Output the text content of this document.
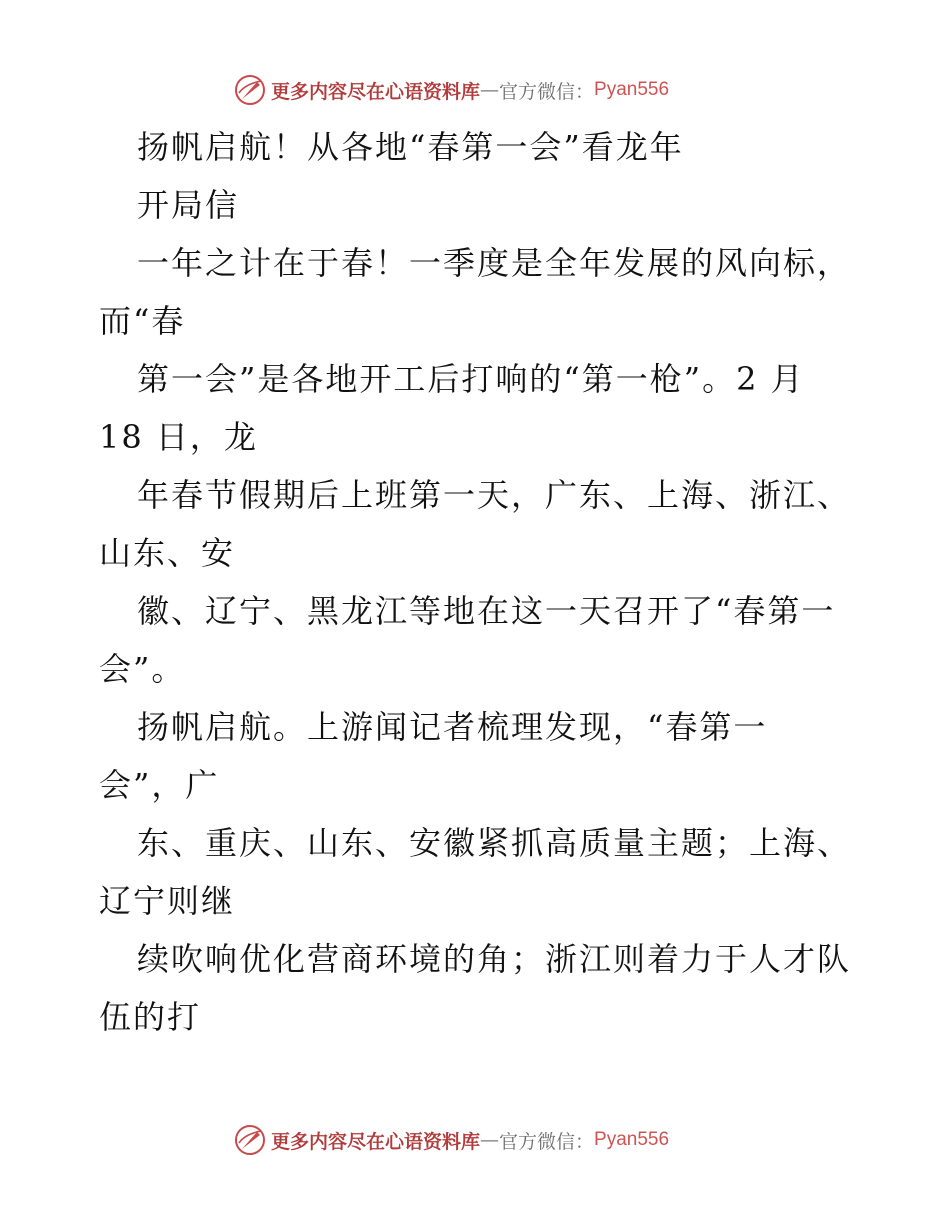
更多内容尽在心语资料库 — 官方微信： Pyan556
扬帆启航！从各地“春第一会”看龙年
开局信
一年之计在于春！一季度是全年发展的风向标，
而“春
第一会”是各地开工后打响的“第一枪”。2 月
18 日，龙
年春节假期后上班第一天，广东、上海、浙江、
山东、安
徽、辽宁、黑龙江等地在这一天召开了“春第一
会”。
扬帆启航。上游闻记者梳理发现，“春第一
会”，广
东、重庆、山东、安徽紧抓高质量主题；上海、
辽宁则继
续吹响优化营商环境的角；浙江则着力于人才队
伍的打
更多内容尽在心语资料库 — 官方微信： Pyan556
